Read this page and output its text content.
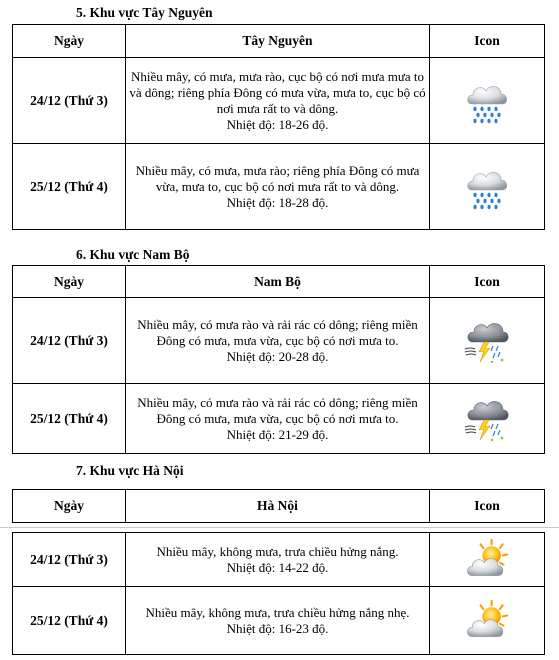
5. Khu vực Tây Nguyên
Ngày	Tây Nguyên	Icon
24/12 (Thứ 3)	Nhiều mây, có mưa, mưa rào, cục bộ có nơi mưa mưa to và dông; riêng phía Đông có mưa vừa, mưa to, cục bộ có nơi mưa rất to và dông.
Nhiệt độ: 18-26 độ.

25/12 (Thứ 4)	Nhiều mây, có mưa, mưa rào; riêng phía Đông có mưa vừa, mưa to, cục bộ có nơi mưa rất to và dông.
Nhiệt độ: 18-28 độ.

6. Khu vực Nam Bộ
Ngày	Nam Bộ	Icon
24/12 (Thứ 3)	Nhiều mây, có mưa rào và rải rác có dông; riêng miền Đông có mưa, mưa vừa, cục bộ có nơi mưa to.
Nhiệt độ: 20-28 độ.

25/12 (Thứ 4)	Nhiều mây, có mưa rào và rải rác có dông; riêng miền Đông có mưa, mưa vừa, cục bộ có nơi mưa to.
Nhiệt độ: 21-29 độ.

7. Khu vực Hà Nội
Ngày	Hà Nội	Icon
24/12 (Thứ 3)	Nhiều mây, không mưa, trưa chiều hửng nắng.
Nhiệt độ: 14-22 độ.

25/12 (Thứ 4)	Nhiều mây, không mưa, trưa chiều hửng nắng nhẹ.
Nhiệt độ: 16-23 độ.
